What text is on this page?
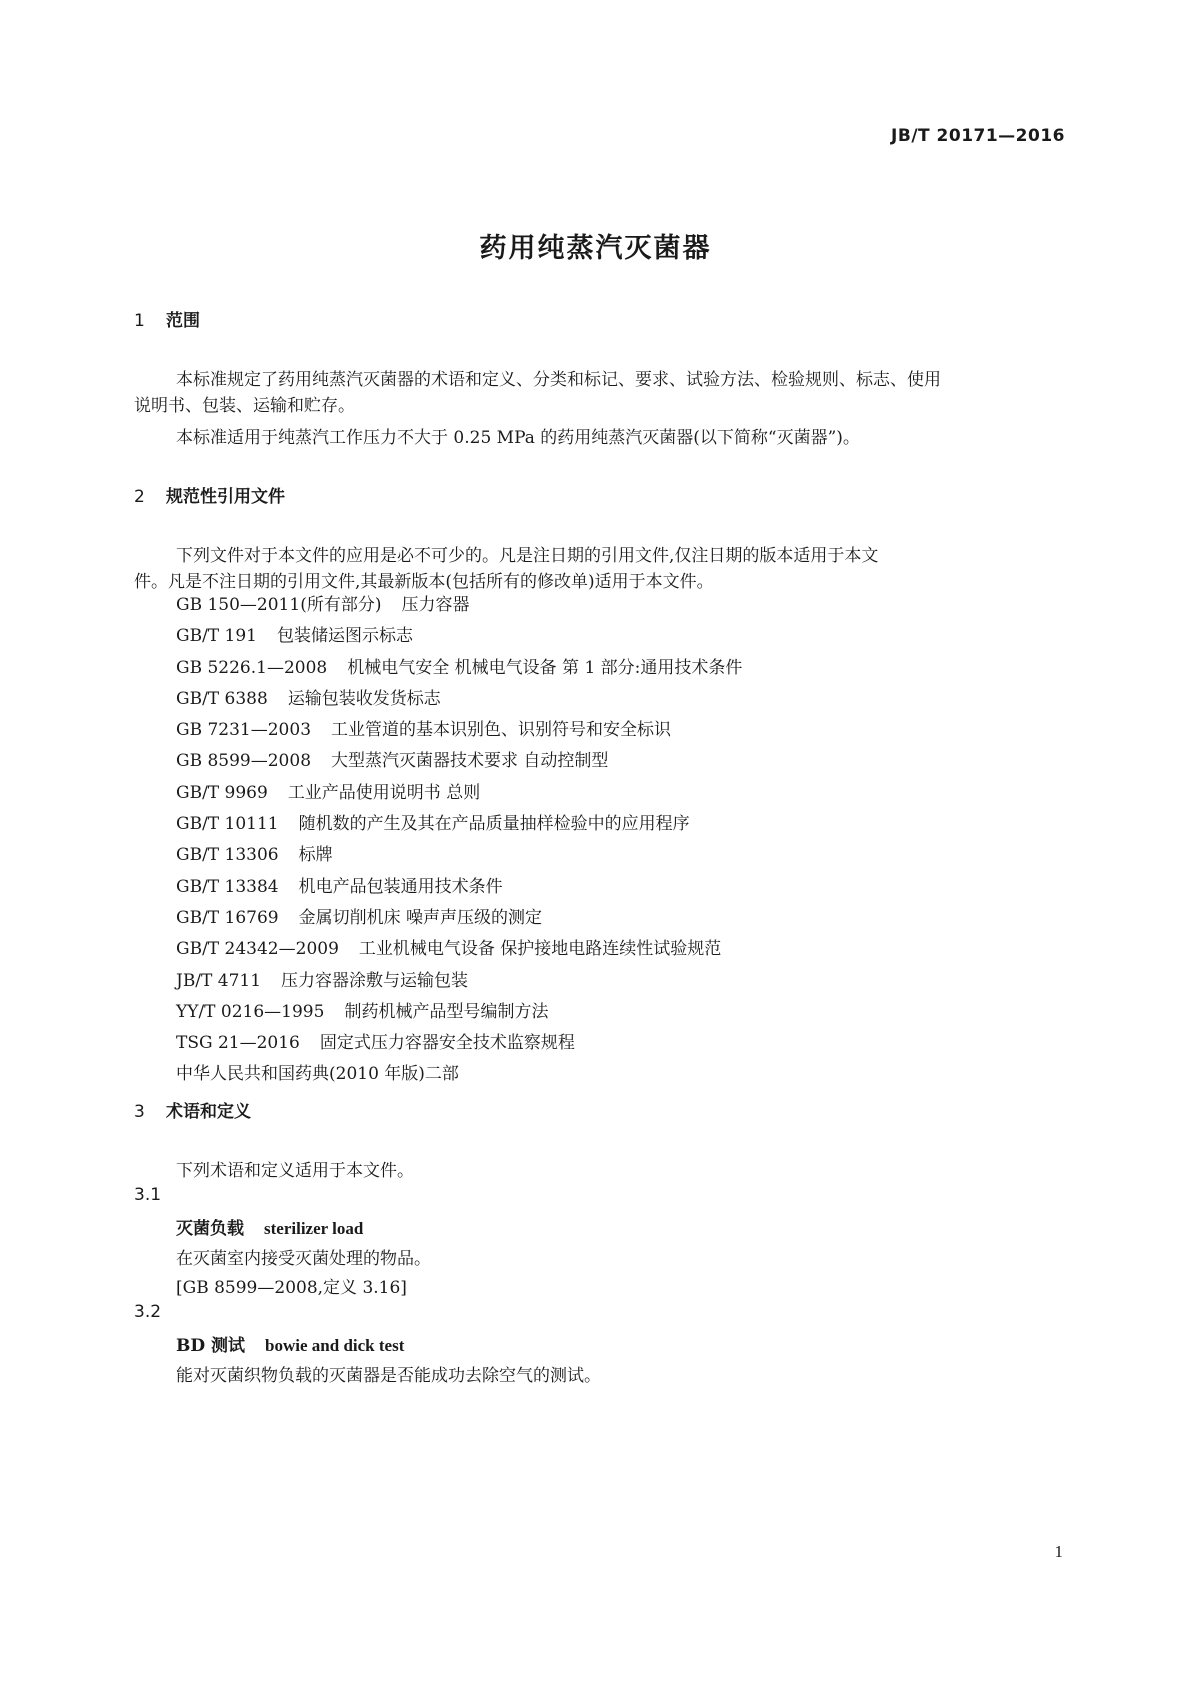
JB/T 20171—2016
药用纯蒸汽灭菌器
1 范围

本标准规定了药用纯蒸汽灭菌器的术语和定义、分类和标记、要求、试验方法、检验规则、标志、使用

说明书、包装、运输和贮存。

本标准适用于纯蒸汽工作压力不大于 0.25 MPa 的药用纯蒸汽灭菌器(以下简称“灭菌器”)。

2 规范性引用文件

下列文件对于本文件的应用是必不可少的。凡是注日期的引用文件,仅注日期的版本适用于本文

件。凡是不注日期的引用文件,其最新版本(包括所有的修改单)适用于本文件。

GB 150—2011(所有部分) 压力容器
GB/T 191 包装储运图示标志
GB 5226.1—2008 机械电气安全 机械电气设备 第 1 部分:通用技术条件
GB/T 6388 运输包装收发货标志
GB 7231—2003 工业管道的基本识别色、识别符号和安全标识
GB 8599—2008 大型蒸汽灭菌器技术要求 自动控制型
GB/T 9969 工业产品使用说明书 总则
GB/T 10111 随机数的产生及其在产品质量抽样检验中的应用程序
GB/T 13306 标牌
GB/T 13384 机电产品包装通用技术条件
GB/T 16769 金属切削机床 噪声声压级的测定
GB/T 24342—2009 工业机械电气设备 保护接地电路连续性试验规范
JB/T 4711 压力容器涂敷与运输包装
YY/T 0216—1995 制药机械产品型号编制方法
TSG 21—2016 固定式压力容器安全技术监察规程
中华人民共和国药典(2010 年版)二部
3 术语和定义

下列术语和定义适用于本文件。

3.1
灭菌负载 sterilizer load

在灭菌室内接受灭菌处理的物品。

[GB 8599—2008,定义 3.16]

3.2
BD 测试 bowie and dick test

能对灭菌织物负载的灭菌器是否能成功去除空气的测试。

1
